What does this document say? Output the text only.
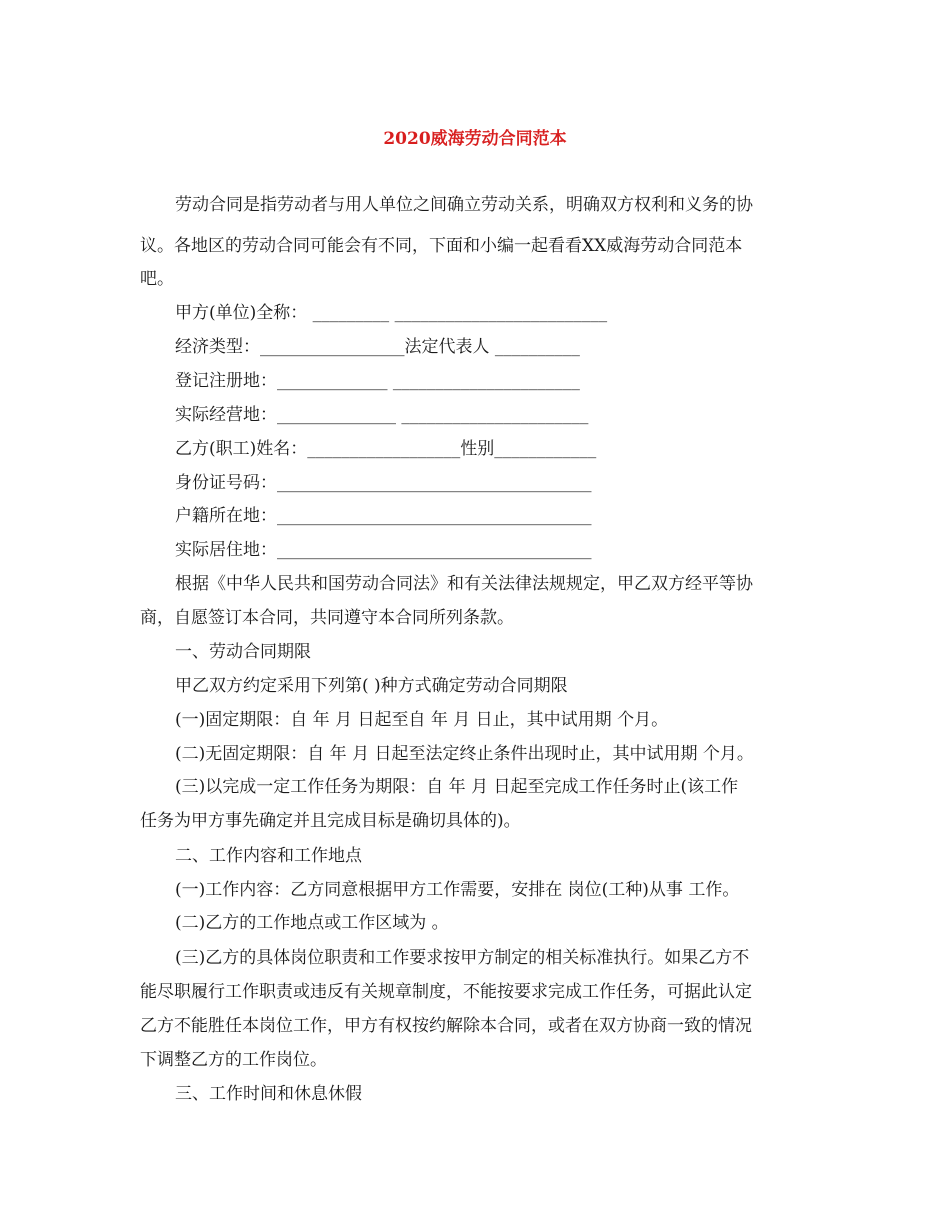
2020威海劳动合同范本
劳动合同是指劳动者与用人单位之间确立劳动关系，明确双方权利和义务的协
议。各地区的劳动合同可能会有不同，下面和小编一起看看XX威海劳动合同范本
吧。
甲方(单位)全称： _________ _________________________
经济类型：_________________法定代表人 __________
登记注册地：_____________ ______________________
实际经营地：______________ ______________________
乙方(职工)姓名：__________________性别____________
身份证号码：_____________________________________
户籍所在地：_____________________________________
实际居住地：_____________________________________
根据《中华人民共和国劳动合同法》和有关法律法规规定，甲乙双方经平等协
商，自愿签订本合同，共同遵守本合同所列条款。
一、劳动合同期限
甲乙双方约定采用下列第( )种方式确定劳动合同期限
(一)固定期限：自 年 月 日起至自 年 月 日止，其中试用期 个月。
(二)无固定期限：自 年 月 日起至法定终止条件出现时止，其中试用期 个月。
(三)以完成一定工作任务为期限：自 年 月 日起至完成工作任务时止(该工作
任务为甲方事先确定并且完成目标是确切具体的)。
二、工作内容和工作地点
(一)工作内容：乙方同意根据甲方工作需要，安排在 岗位(工种)从事 工作。
(二)乙方的工作地点或工作区域为 。
(三)乙方的具体岗位职责和工作要求按甲方制定的相关标准执行。如果乙方不
能尽职履行工作职责或违反有关规章制度，不能按要求完成工作任务，可据此认定
乙方不能胜任本岗位工作，甲方有权按约解除本合同，或者在双方协商一致的情况
下调整乙方的工作岗位。
三、工作时间和休息休假
